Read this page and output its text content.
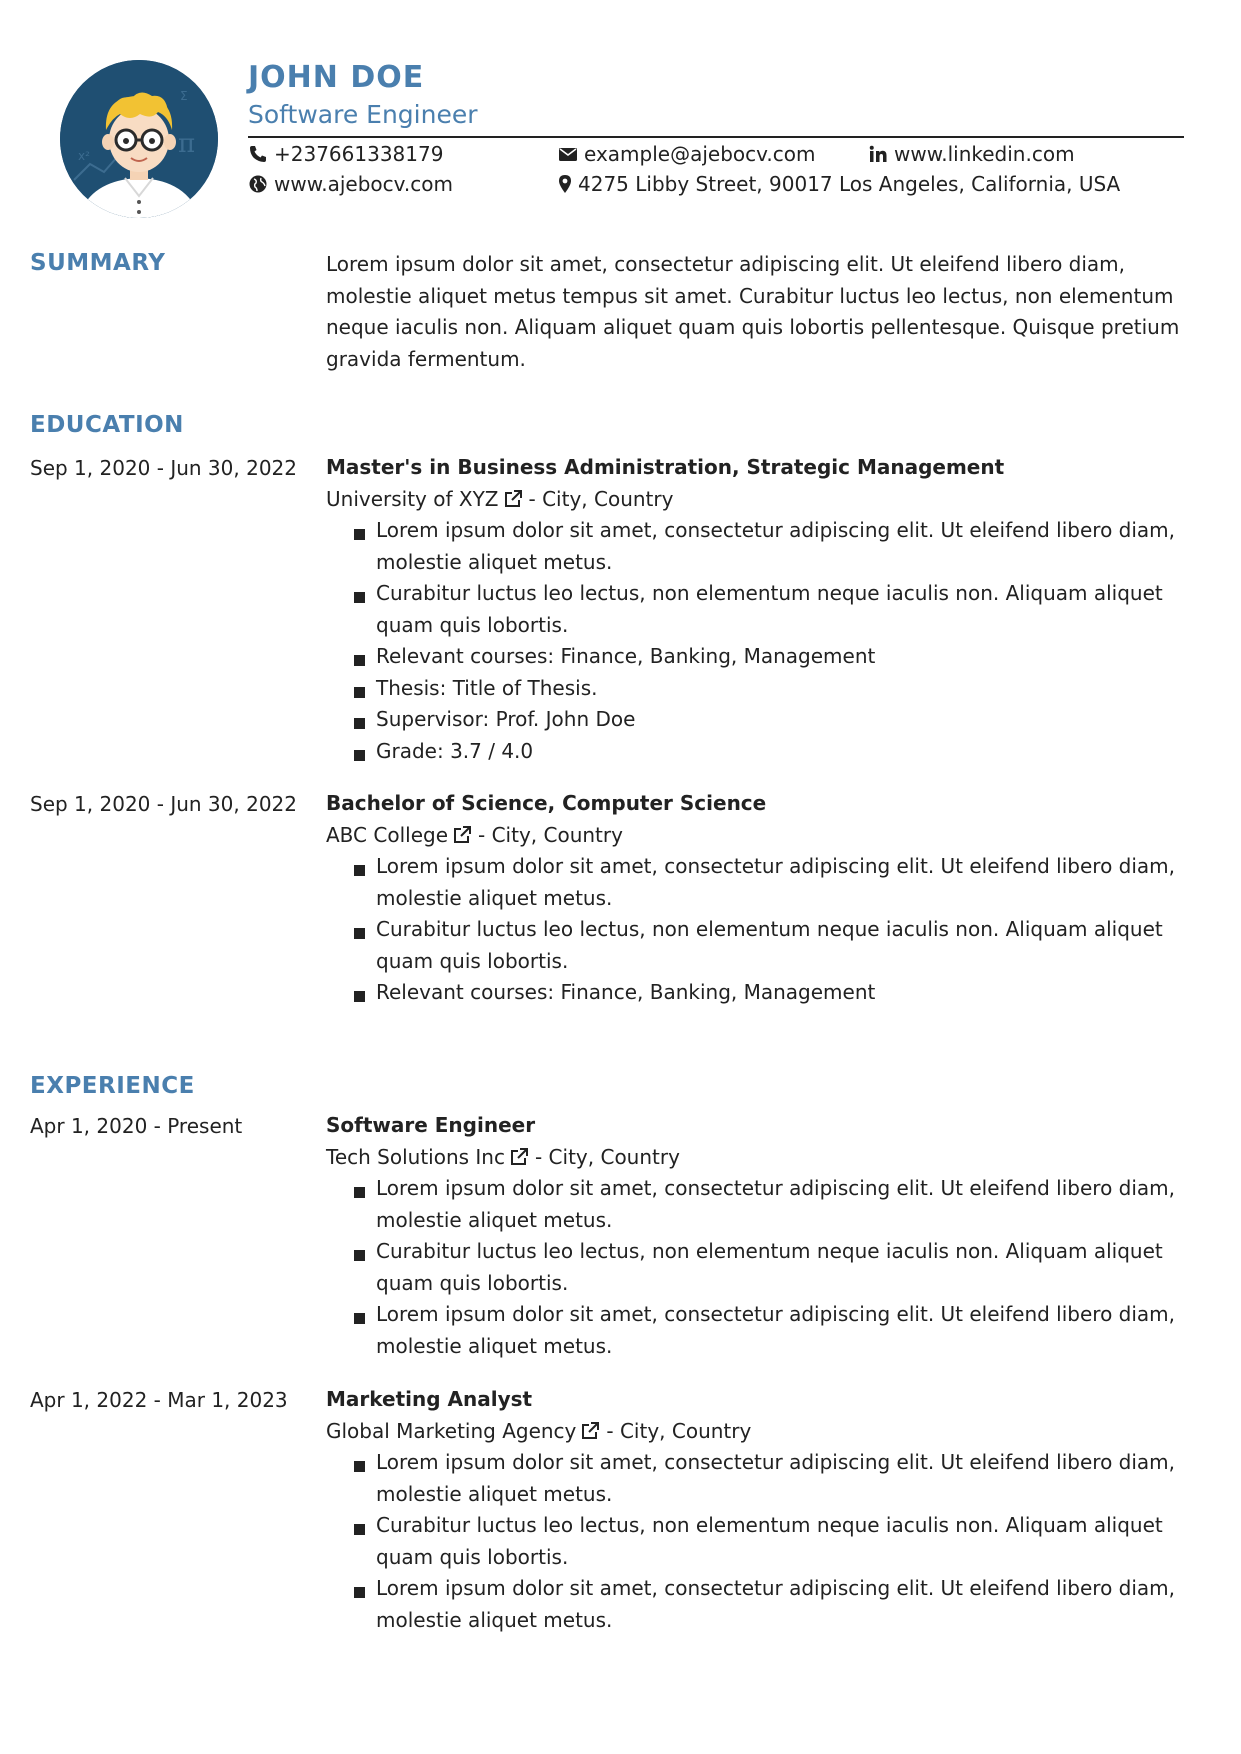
π
x²
Σ
JOHN DOE
Software Engineer
+237661338179	example@ajebocv.com	www.linkedin.com
www.ajebocv.com	4275 Libby Street, 90017 Los Angeles, California, USA
SUMMARY	Lorem ipsum dolor sit amet, consectetur adipiscing elit. Ut eleifend libero diam, molestie aliquet metus tempus sit amet. Curabitur luctus leo lectus, non elementum neque iaculis non. Aliquam aliquet quam quis lobortis pellentesque. Quisque pretium gravida fermentum.
EDUCATION
Sep 1, 2020 - Jun 30, 2022 Master's in Business Administration, Strategic Management
University of XYZ - City, Country
Lorem ipsum dolor sit amet, consectetur adipiscing elit. Ut eleifend libero diam, molestie aliquet metus.
Curabitur luctus leo lectus, non elementum neque iaculis non. Aliquam aliquet quam quis lobortis.
Relevant courses: Finance, Banking, Management
Thesis: Title of Thesis.
Supervisor: Prof. John Doe
Grade: 3.7 / 4.0
Sep 1, 2020 - Jun 30, 2022 Bachelor of Science, Computer Science
ABC College - City, Country
Lorem ipsum dolor sit amet, consectetur adipiscing elit. Ut eleifend libero diam, molestie aliquet metus.
Curabitur luctus leo lectus, non elementum neque iaculis non. Aliquam aliquet quam quis lobortis.
Relevant courses: Finance, Banking, Management
EXPERIENCE
Apr 1, 2020 - Present	Software Engineer
Tech Solutions Inc - City, Country
Lorem ipsum dolor sit amet, consectetur adipiscing elit. Ut eleifend libero diam, molestie aliquet metus.
Curabitur luctus leo lectus, non elementum neque iaculis non. Aliquam aliquet quam quis lobortis.
Lorem ipsum dolor sit amet, consectetur adipiscing elit. Ut eleifend libero diam, molestie aliquet metus.
Apr 1, 2022 - Mar 1, 2023 Marketing Analyst
Global Marketing Agency - City, Country
Lorem ipsum dolor sit amet, consectetur adipiscing elit. Ut eleifend libero diam, molestie aliquet metus.
Curabitur luctus leo lectus, non elementum neque iaculis non. Aliquam aliquet quam quis lobortis.
Lorem ipsum dolor sit amet, consectetur adipiscing elit. Ut eleifend libero diam, molestie aliquet metus.
